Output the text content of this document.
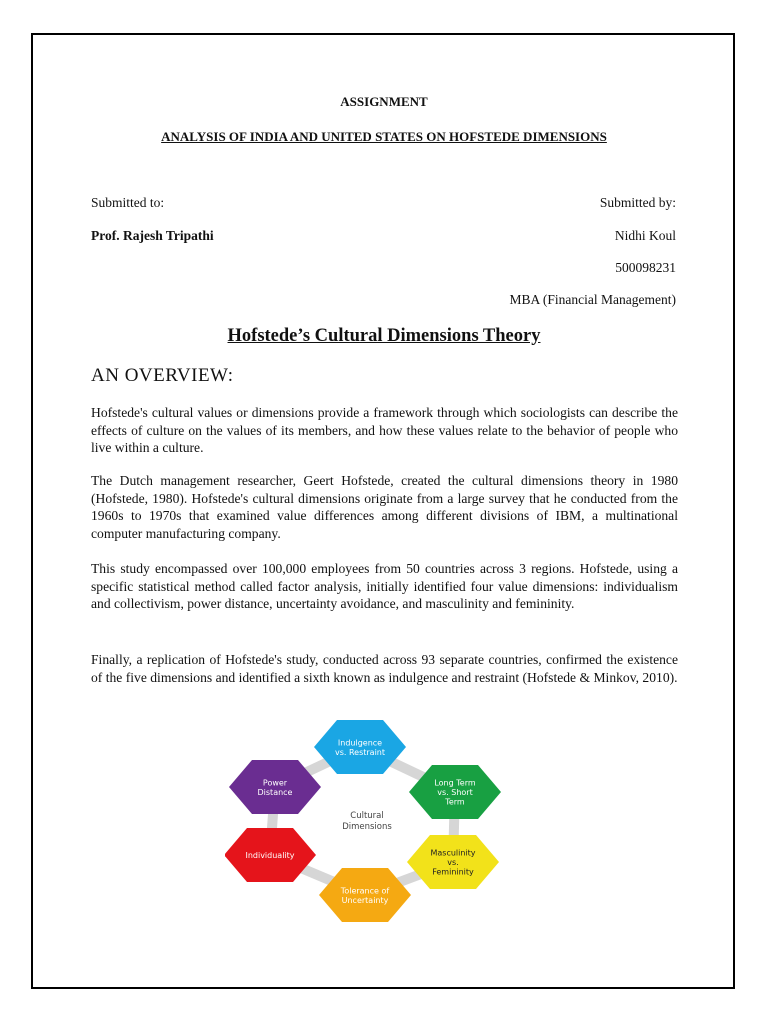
ASSIGNMENT

ANALYSIS OF INDIA AND UNITED STATES ON HOFSTEDE DIMENSIONS

Submitted to:

Prof. Rajesh Tripathi

Submitted by:

Nidhi Koul

500098231

MBA (Financial Management)

Hofstede’s Cultural Dimensions Theory

AN OVERVIEW:

Hofstede's cultural values or dimensions provide a framework through which sociologists can describe the effects of culture on the values of its members, and how these values relate to the behavior of people who live within a culture.

The Dutch management researcher, Geert Hofstede, created the cultural dimensions theory in 1980 (Hofstede, 1980). Hofstede's cultural dimensions originate from a large survey that he conducted from the 1960s to 1970s that examined value differences among different divisions of IBM, a multinational computer manufacturing company.

This study encompassed over 100,000 employees from 50 countries across 3 regions. Hofstede, using a specific statistical method called factor analysis, initially identified four value dimensions: individualism and collectivism, power distance, uncertainty avoidance, and masculinity and femininity.

Finally, a replication of Hofstede's study, conducted across 93 separate countries, confirmed the existence of the five dimensions and identified a sixth known as indulgence and restraint (Hofstede & Minkov, 2010).

Indulgence
vs. Restraint
Long Term
vs. Short
Term
Masculinity
vs.
Femininity
Tolerance of
Uncertainty
Individuality
Power
Distance
Cultural
Dimensions
